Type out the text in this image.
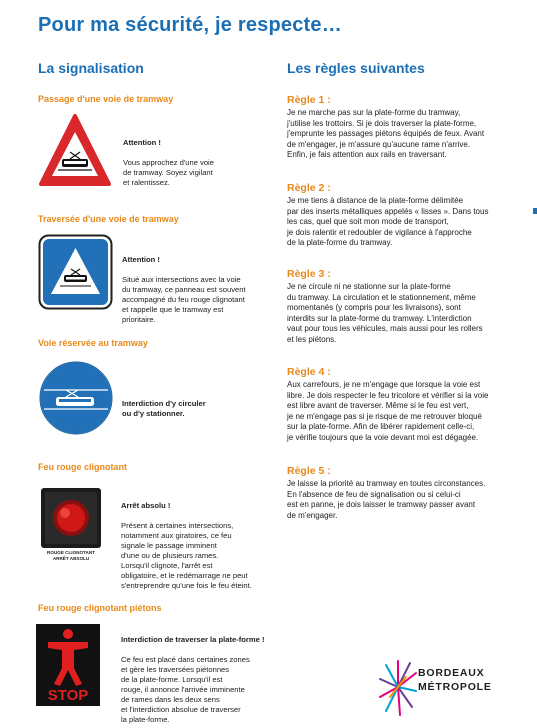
Pour ma sécurité, je respecte…
La signalisation
Passage d'une voie de tramway

Attention !

Vous approchez d'une voie
de tramway. Soyez vigilant
et ralentissez.

Traversée d'une voie de tramway

Attention !

Situé aux intersections avec la voie
du tramway, ce panneau est souvent
accompagné du feu rouge clignotant
et rappelle que le tramway est
prioritaire.

Voie réservée au tramway

Interdiction d'y circuler
ou d'y stationner.

Feu rouge clignotant
ROUGE CLIGNOTANT
ARRÊT ABSOLU

Arrêt absolu !

Présent à certaines intersections,
notamment aux giratoires, ce feu
signale le passage imminent
d'une ou de plusieurs rames.
Lorsqu'il clignote, l'arrêt est
obligatoire, et le redémarrage ne peut
s'entreprendre qu'une fois le feu éteint.

Feu rouge clignotant piétons
STOP

Interdiction de traverser la plate-forme !

Ce feu est placé dans certaines zones
et gère les traversées piétonnes
de la plate-forme. Lorsqu'il est
rouge, il annonce l'arrivée imminente
de rames dans les deux sens
et l'interdiction absolue de traverser
la plate-forme.

Les règles suivantes
Règle 1 :
Je ne marche pas sur la plate-forme du tramway,
j'utilise les trottoirs. Si je dois traverser la plate-forme,
j'emprunte les passages piétons équipés de feux. Avant
de m'engager, je m'assure qu'aucune rame n'arrive.
Enfin, je fais attention aux rails en traversant.
Règle 2 :
Je me tiens à distance de la plate-forme délimitée
par des inserts métalliques appelés « lisses ». Dans tous
les cas, quel que soit mon mode de transport,
je dois ralentir et redoubler de vigilance à l'approche
de la plate-forme du tramway.
Règle 3 :
Je ne circule ni ne stationne sur la plate-forme
du tramway. La circulation et le stationnement, même
momentanés (y compris pour les livraisons), sont
interdits sur la plate-forme du tramway. L'interdiction
vaut pour tous les véhicules, mais aussi pour les rollers
et les piétons.
Règle 4 :
Aux carrefours, je ne m'engage que lorsque la voie est
libre. Je dois respecter le feu tricolore et vérifier si la voie
est libre avant de traverser. Même si le feu est vert,
je ne m'engage pas si je risque de me retrouver bloqué
sur la plate-forme. Afin de libérer rapidement celle-ci,
je vérifie toujours que la voie devant moi est dégagée.
Règle 5 :
Je laisse la priorité au tramway en toutes circonstances.
En l'absence de feu de signalisation ou si celui-ci
est en panne, je dois laisser le tramway passer avant
de m'engager.
BORDEAUX
MÉTROPOLE
